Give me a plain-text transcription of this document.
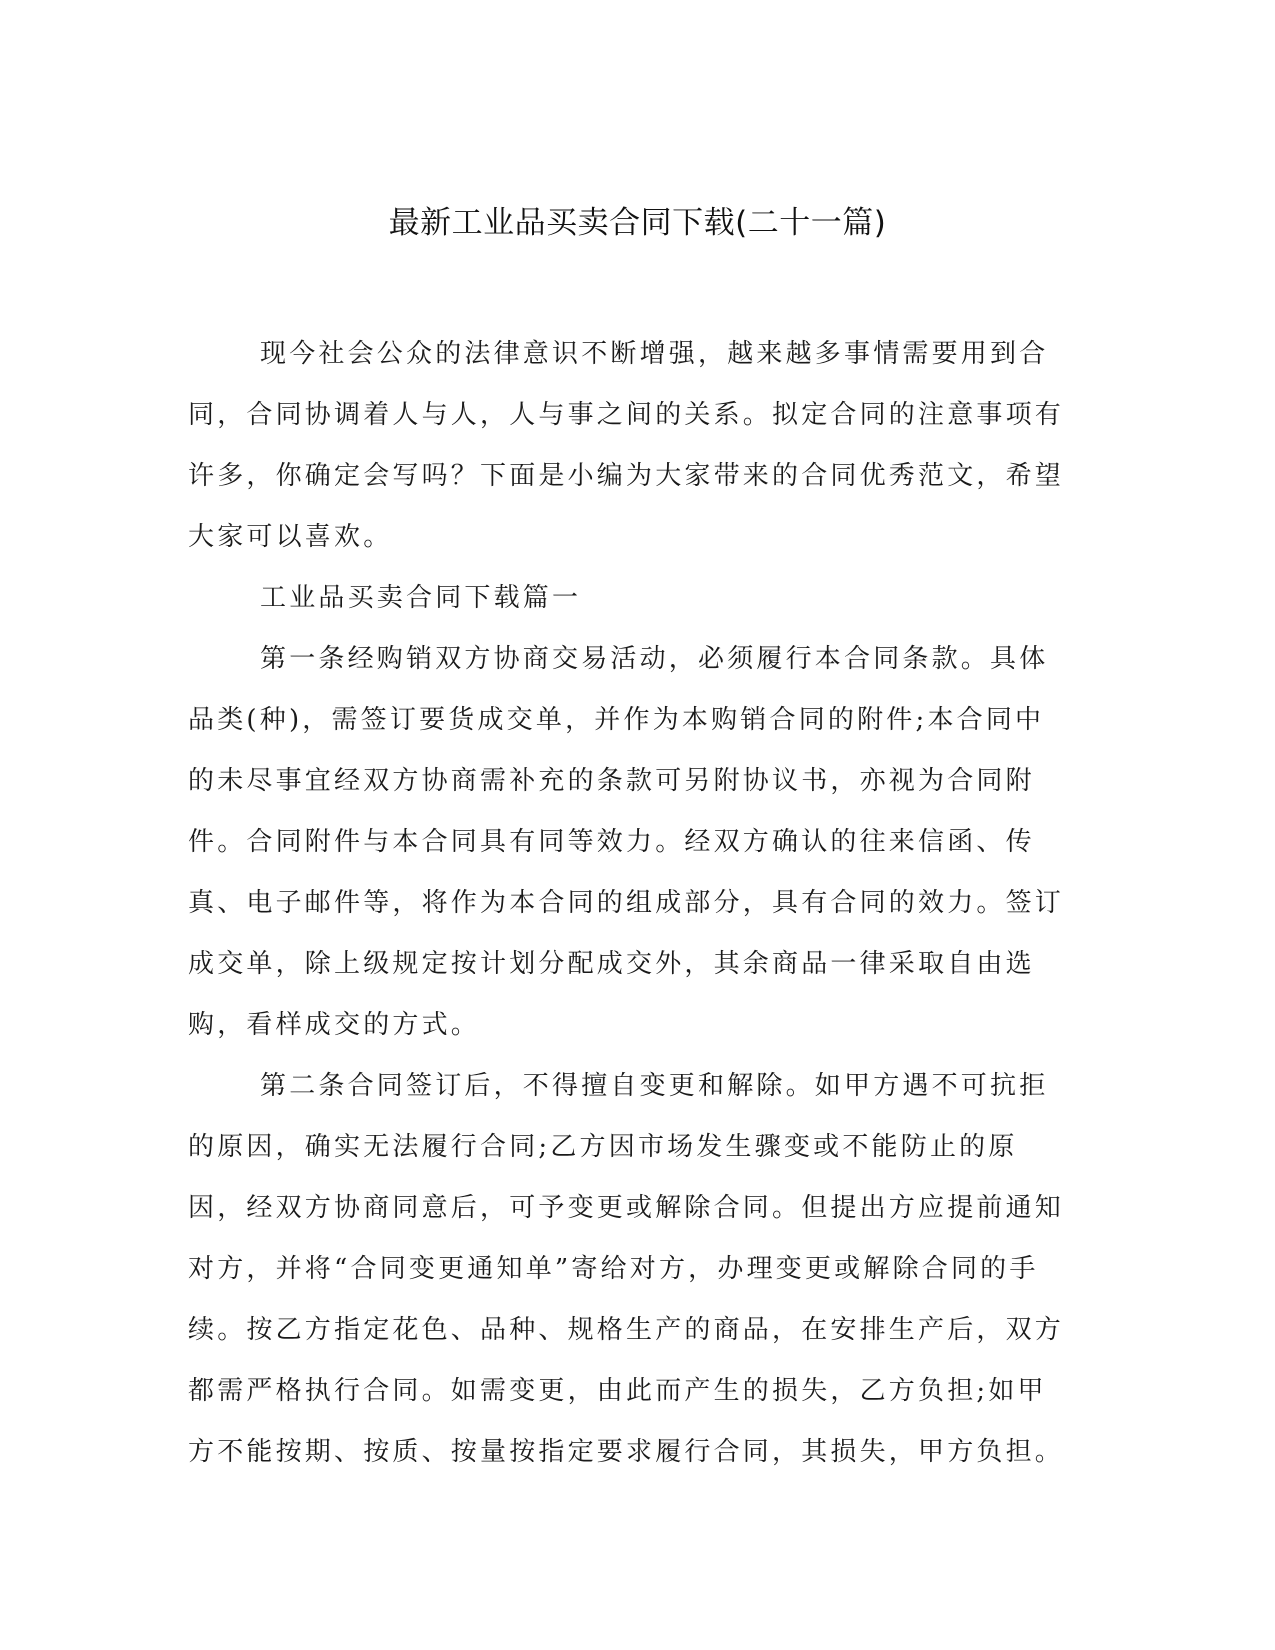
最新工业品买卖合同下载(二十一篇)

现今社会公众的法律意识不断增强，越来越多事情需要用到合同，合同协调着人与人，人与事之间的关系。拟定合同的注意事项有许多，你确定会写吗？下面是小编为大家带来的合同优秀范文，希望大家可以喜欢。

工业品买卖合同下载篇一

第一条经购销双方协商交易活动，必须履行本合同条款。具体品类(种)，需签订要货成交单，并作为本购销合同的附件;本合同中的未尽事宜经双方协商需补充的条款可另附协议书，亦视为合同附件。合同附件与本合同具有同等效力。经双方确认的往来信函、传真、电子邮件等，将作为本合同的组成部分，具有合同的效力。签订成交单，除上级规定按计划分配成交外，其余商品一律采取自由选购，看样成交的方式。

第二条合同签订后，不得擅自变更和解除。如甲方遇不可抗拒的原因，确实无法履行合同;乙方因市场发生骤变或不能防止的原因，经双方协商同意后，可予变更或解除合同。但提出方应提前通知对方，并将“合同变更通知单”寄给对方，办理变更或解除合同的手续。按乙方指定花色、品种、规格生产的商品，在安排生产后，双方都需严格执行合同。如需变更，由此而产生的损失，乙方负担;如甲方不能按期、按质、按量按指定要求履行合同，其损失，甲方负担。
